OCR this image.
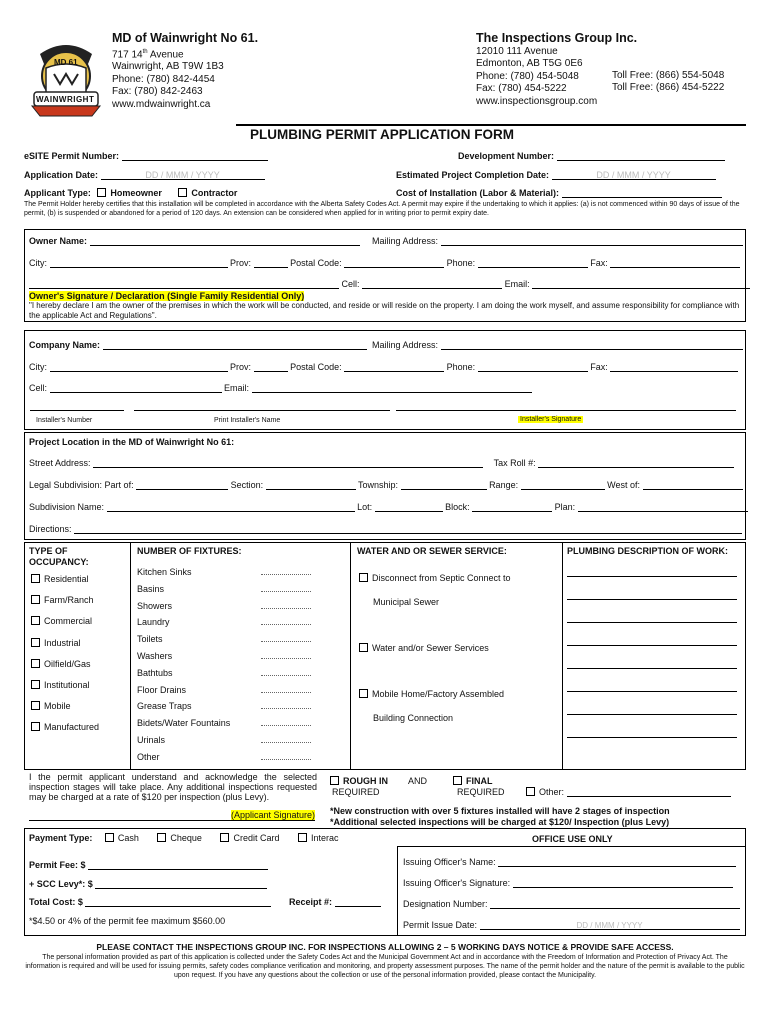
MD 61
WAINWRIGHT
MD of Wainwright No 61.
717 14th Avenue
Wainwright, AB T9W 1B3
Phone: (780) 842-4454
Fax: (780) 842-2463
www.mdwainwright.ca
The Inspections Group Inc.
12010 111 Avenue
Edmonton, AB T5G 0E6
Phone: (780) 454-5048
Fax: (780) 454-5222
www.inspectionsgroup.com
Toll Free: (866) 554-5048
Toll Free: (866) 454-5222
PLUMBING PERMIT APPLICATION FORM
eSITE Permit Number:	Development Number:
Application Date:	DD / MMM / YYYY	Estimated Project Completion Date:	DD / MMM / YYYY
Applicant Type: Homeowner	Contractor	Cost of Installation (Labor & Material):
The Permit Holder hereby certifies that this installation will be completed in accordance with the Alberta Safety Codes Act. A permit may expire if the undertaking to which it applies: (a) is not commenced within 90 days of issue of the permit, (b) is suspended or abandoned for a period of 120 days. An extension can be considered when applied for in writing prior to permit expiry date.
Owner Name:	Mailing Address:
City:	Prov:	Postal Code:	Phone:	Fax:
Cell:	Email:
Owner's Signature / Declaration (Single Family Residential Only)
"I hereby declare I am the owner of the premises in which the work will be conducted, and reside or will reside on the property. I am doing the work myself, and assume responsibility for compliance with the applicable Act and Regulations".
Company Name:	Mailing Address:
City:	Prov:	Postal Code:	Phone:	Fax:
Cell:	Email:
Installer's Number	Print Installer's Name	Installer's Signature
Project Location in the MD of Wainwright No 61:
Street Address:	Tax Roll #:
Legal Subdivision: Part of:	Section:	Township:	Range:	West of:
Subdivision Name:	Lot:	Block:	Plan:
Directions:
TYPE OF OCCUPANCY:
Residential
Farm/Ranch
Commercial
Industrial
Oilfield/Gas
Institutional
Mobile
Manufactured
NUMBER OF FIXTURES:
Kitchen Sinks
Basins
Showers
Laundry
Toilets
Washers
Bathtubs
Floor Drains
Grease Traps
Bidets/Water Fountains
Urinals
Other
WATER AND OR SEWER SERVICE:
Disconnect from Septic Connect to
Municipal Sewer
Water and/or Sewer Services
Mobile Home/Factory Assembled
Building Connection
PLUMBING DESCRIPTION OF WORK:
I the permit applicant understand and acknowledge the selected inspection stages will take place. Any additional inspections requested may be charged at a rate of $120 per inspection (plus Levy).
(Applicant Signature)
ROUGH IN
REQUIRED
AND	FINAL
REQUIRED	Other:
*New construction with over 5 fixtures installed will have 2 stages of inspection
*Additional selected inspections will be charged at $120/ Inspection (plus Levy)
Payment Type:	Cash	Cheque	Credit Card	Interac	OFFICE USE ONLY
Permit Fee: $
+ SCC Levy*: $
Total Cost: $	Receipt #:
*$4.50 or 4% of the permit fee maximum $560.00
Issuing Officer's Name:
Issuing Officer's Signature:
Designation Number:
Permit Issue Date:	DD / MMM / YYYY
PLEASE CONTACT THE INSPECTIONS GROUP INC. FOR INSPECTIONS ALLOWING 2 – 5 WORKING DAYS NOTICE & PROVIDE SAFE ACCESS.
The personal information provided as part of this application is collected under the Safety Codes Act and the Municipal Government Act and in accordance with the Freedom of Information and Protection of Privacy Act. The information is required and will be used for issuing permits, safety codes compliance verification and monitoring, and property assessment purposes. The name of the permit holder and the nature of the permit is available to the public upon request. If you have any questions about the collection or use of the personal information provided, please contact the Municipality.
